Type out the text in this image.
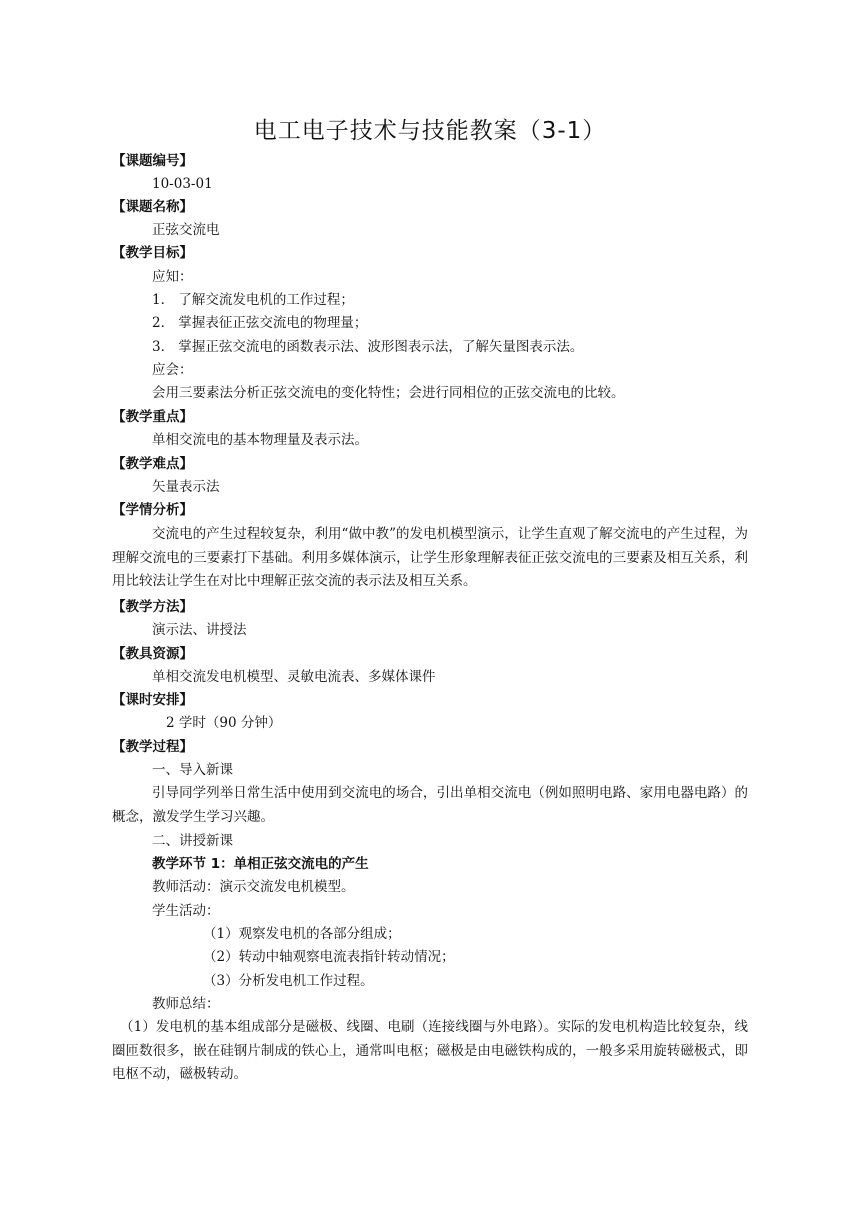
电工电子技术与技能教案（3-1）
【课题编号】
10-03-01
【课题名称】
正弦交流电
【教学目标】
应知：
1． 了解交流发电机的工作过程；
2． 掌握表征正弦交流电的物理量；
3． 掌握正弦交流电的函数表示法、波形图表示法，了解矢量图表示法。
应会：
会用三要素法分析正弦交流电的变化特性；会进行同相位的正弦交流电的比较。
【教学重点】
单相交流电的基本物理量及表示法。
【教学难点】
矢量表示法
【学情分析】
交流电的产生过程较复杂，利用“做中教”的发电机模型演示，让学生直观了解交流电的产生过程，为理解交流电的三要素打下基础。利用多媒体演示，让学生形象理解表征正弦交流电的三要素及相互关系，利用比较法让学生在对比中理解正弦交流的表示法及相互关系。
【教学方法】
演示法、讲授法
【教具资源】
单相交流发电机模型、灵敏电流表、多媒体课件
【课时安排】
2 学时（90 分钟）
【教学过程】
一、导入新课
引导同学列举日常生活中使用到交流电的场合，引出单相交流电（例如照明电路、家用电器电路）的概念，激发学生学习兴趣。
二、讲授新课
教学环节 1：单相正弦交流电的产生
教师活动：演示交流发电机模型。
学生活动：
（1）观察发电机的各部分组成；
（2）转动中轴观察电流表指针转动情况；
（3）分析发电机工作过程。
教师总结：
（1）发电机的基本组成部分是磁极、线圈、电刷（连接线圈与外电路）。实际的发电机构造比较复杂，线圈匝数很多，嵌在硅钢片制成的铁心上，通常叫电枢；磁极是由电磁铁构成的，一般多采用旋转磁极式，即电枢不动，磁极转动。
